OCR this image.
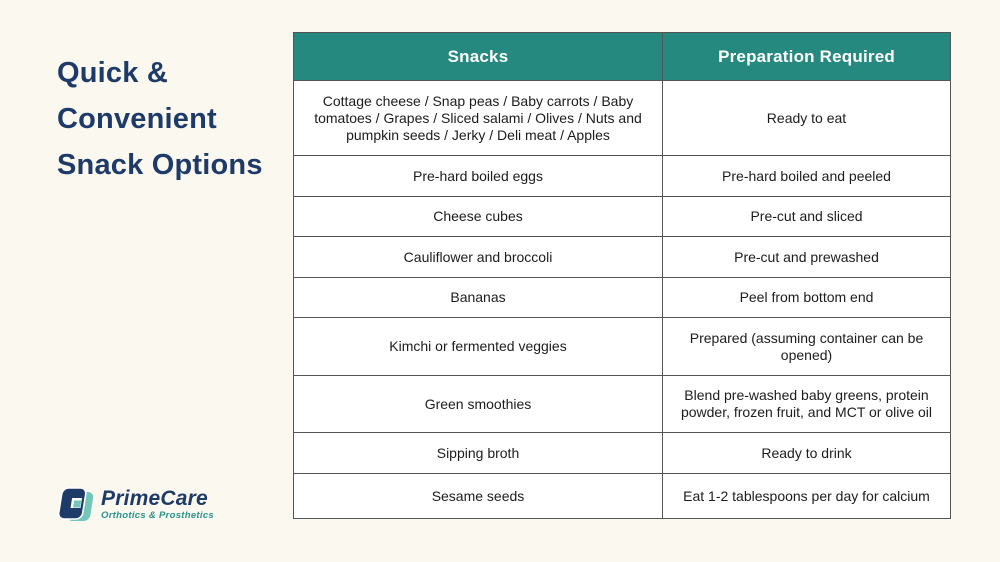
Quick &
Convenient
Snack Options
Snacks	Preparation Required
Cottage cheese / Snap peas / Baby carrots / Baby tomatoes / Grapes / Sliced salami / Olives / Nuts and pumpkin seeds / Jerky / Deli meat / Apples	Ready to eat
Pre-hard boiled eggs	Pre-hard boiled and peeled
Cheese cubes	Pre-cut and sliced
Cauliflower and broccoli	Pre-cut and prewashed
Bananas	Peel from bottom end
Kimchi or fermented veggies	Prepared (assuming container can be opened)
Green smoothies	Blend pre-washed baby greens, protein powder, frozen fruit, and MCT or olive oil
Sipping broth	Ready to drink
Sesame seeds	Eat 1-2 tablespoons per day for calcium
PrimeCare
Orthotics & Prosthetics
